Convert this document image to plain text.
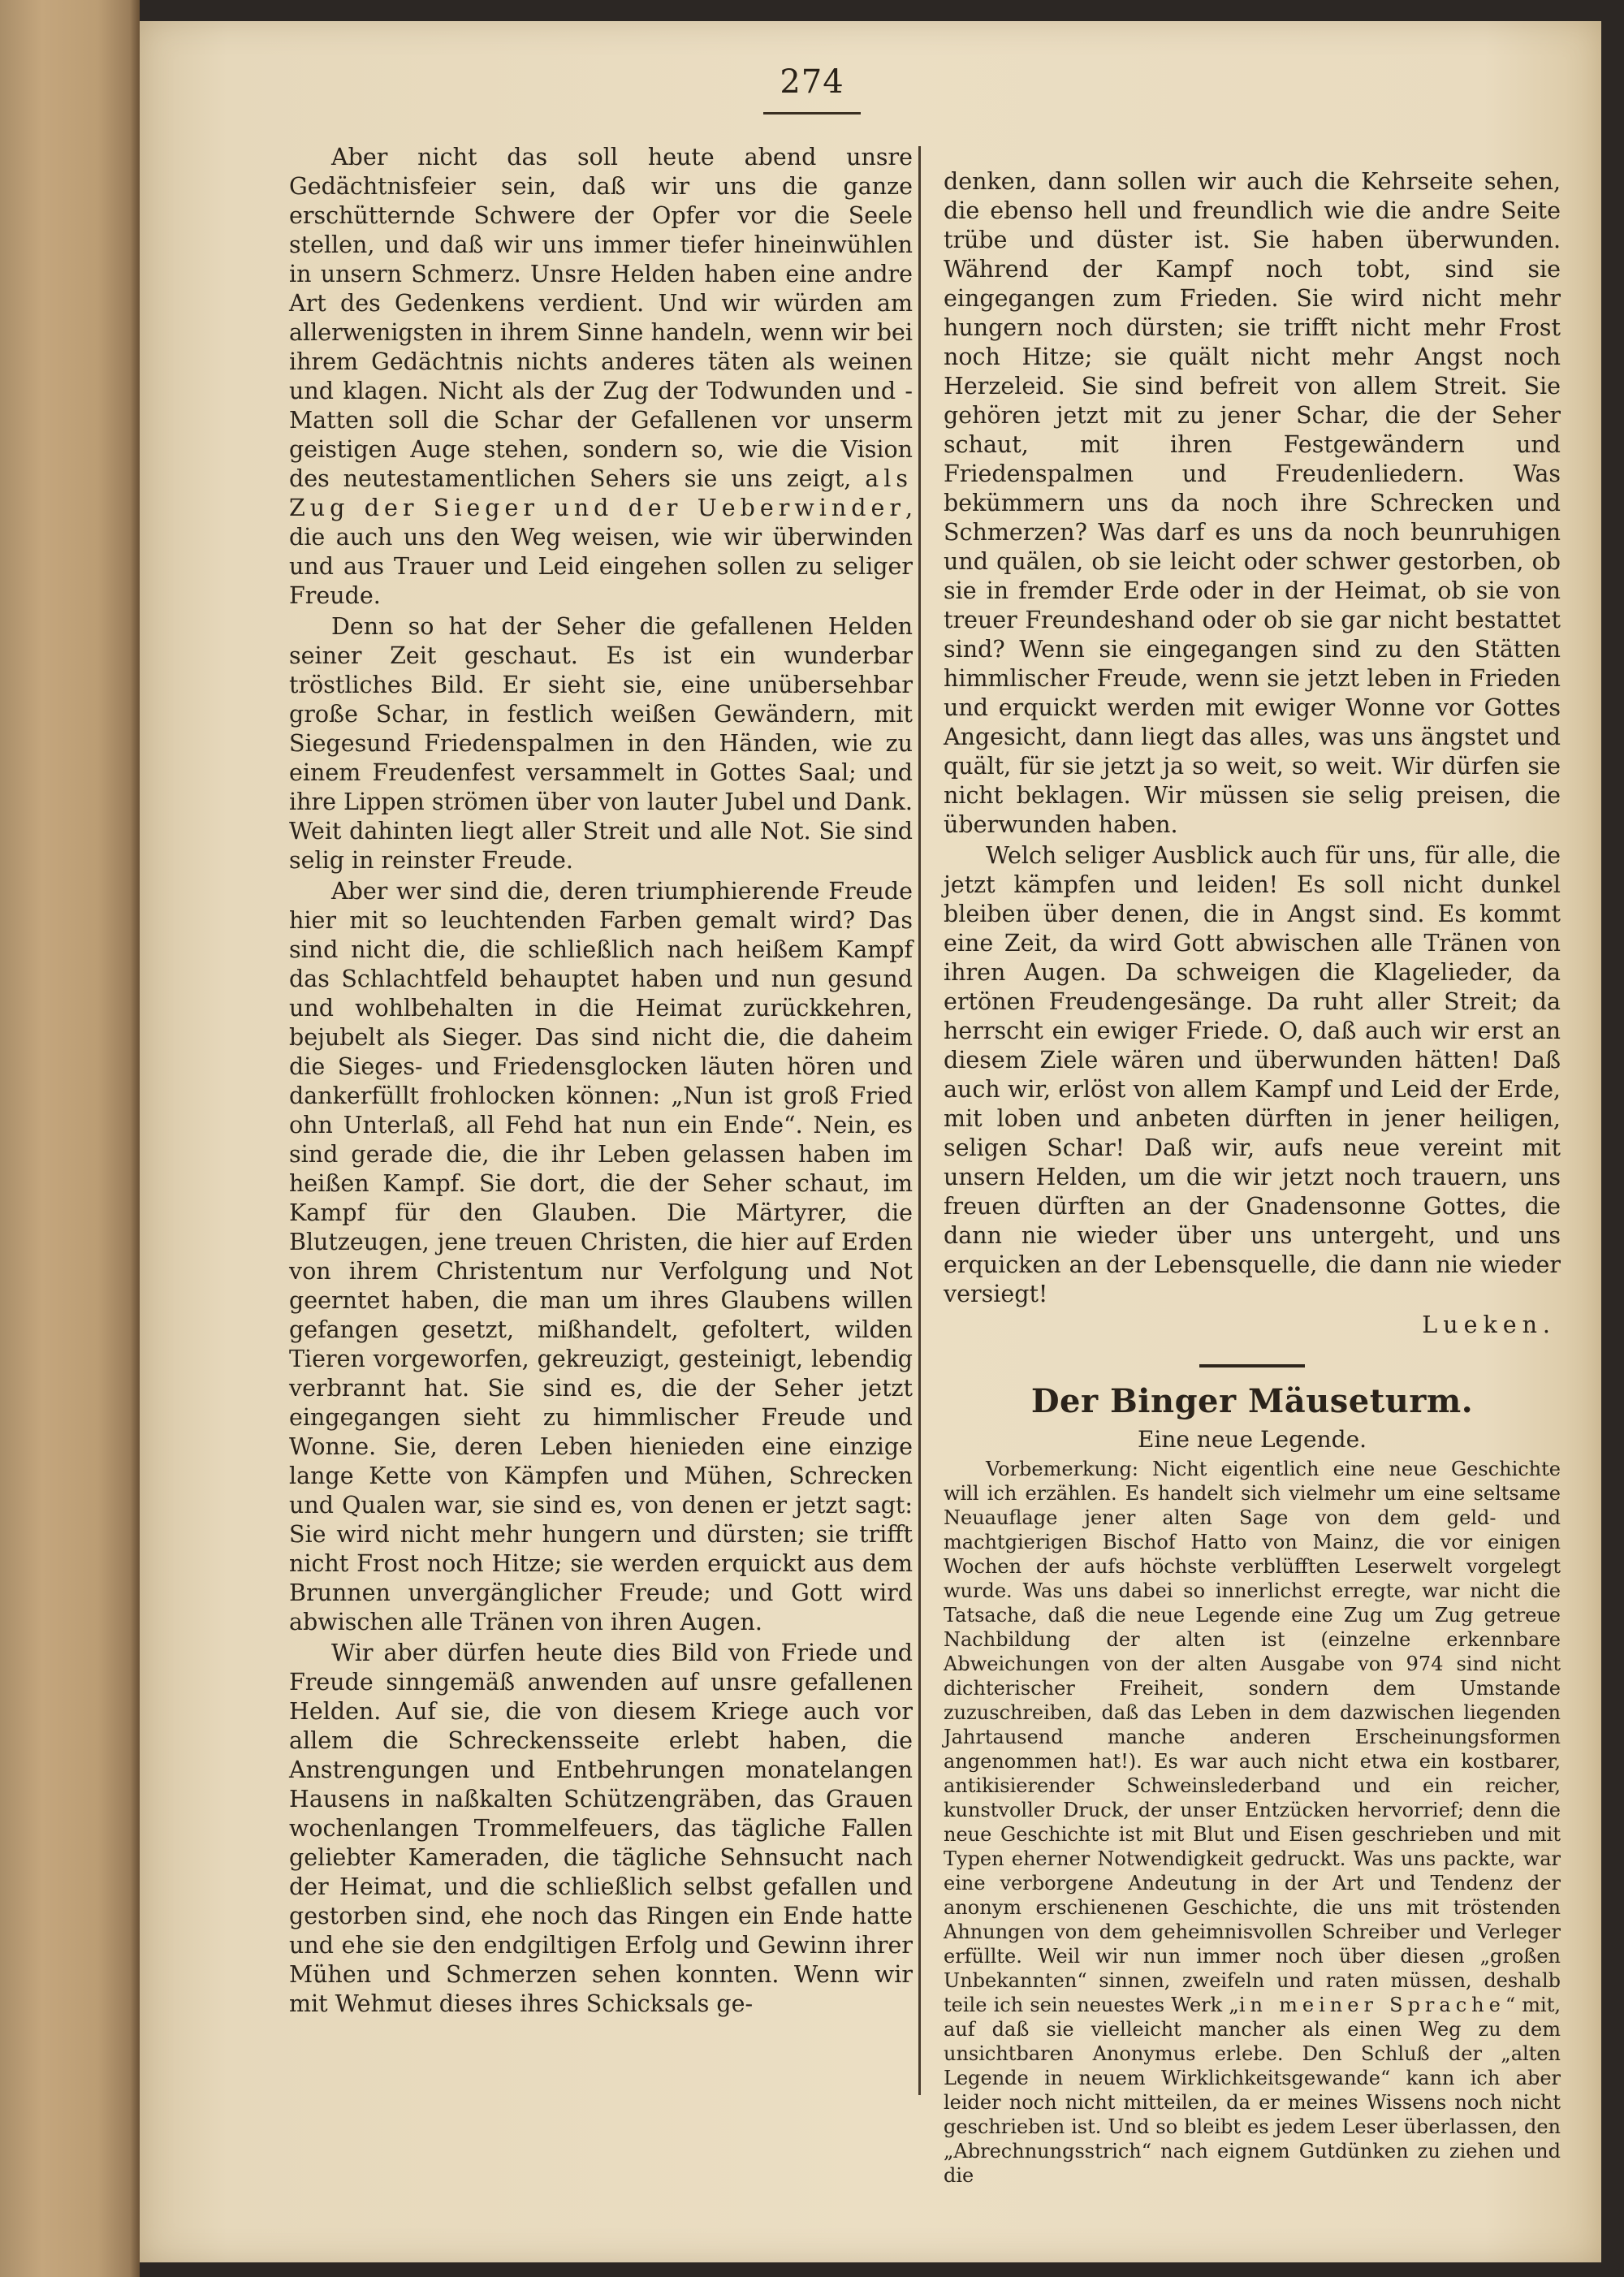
274

Aber nicht das soll heute abend unsre Gedächtnisfeier sein, daß wir uns die ganze erschütternde Schwere der Opfer vor die Seele stellen, und daß wir uns immer tiefer hineinwühlen in unsern Schmerz. Unsre Helden haben eine andre Art des Gedenkens verdient. Und wir würden am allerwenigsten in ihrem Sinne handeln, wenn wir bei ihrem Gedächtnis nichts anderes täten als weinen und klagen. Nicht als der Zug der Todwunden und -Matten soll die Schar der Gefallenen vor unserm geistigen Auge stehen, sondern so, wie die Vision des neutestamentlichen Sehers sie uns zeigt, als Zug der Sieger und der Ueberwinder, die auch uns den Weg weisen, wie wir überwinden und aus Trauer und Leid eingehen sollen zu seliger Freude.

Denn so hat der Seher die gefallenen Helden seiner Zeit geschaut. Es ist ein wunderbar tröstliches Bild. Er sieht sie, eine unübersehbar große Schar, in festlich weißen Gewändern, mit Siegesund Friedenspalmen in den Händen, wie zu einem Freudenfest versammelt in Gottes Saal; und ihre Lippen strömen über von lauter Jubel und Dank. Weit dahinten liegt aller Streit und alle Not. Sie sind selig in reinster Freude.

Aber wer sind die, deren triumphierende Freude hier mit so leuchtenden Farben gemalt wird? Das sind nicht die, die schließlich nach heißem Kampf das Schlachtfeld behauptet haben und nun gesund und wohlbehalten in die Heimat zurückkehren, bejubelt als Sieger. Das sind nicht die, die daheim die Sieges- und Friedensglocken läuten hören und dankerfüllt frohlocken können: „Nun ist groß Fried ohn Unterlaß, all Fehd hat nun ein Ende“. Nein, es sind gerade die, die ihr Leben gelassen haben im heißen Kampf. Sie dort, die der Seher schaut, im Kampf für den Glauben. Die Märtyrer, die Blutzeugen, jene treuen Christen, die hier auf Erden von ihrem Christentum nur Verfolgung und Not geerntet haben, die man um ihres Glaubens willen gefangen gesetzt, mißhandelt, gefoltert, wilden Tieren vorgeworfen, gekreuzigt, gesteinigt, lebendig verbrannt hat. Sie sind es, die der Seher jetzt eingegangen sieht zu himmlischer Freude und Wonne. Sie, deren Leben hienieden eine einzige lange Kette von Kämpfen und Mühen, Schrecken und Qualen war, sie sind es, von denen er jetzt sagt: Sie wird nicht mehr hungern und dürsten; sie trifft nicht Frost noch Hitze; sie werden erquickt aus dem Brunnen unvergänglicher Freude; und Gott wird abwischen alle Tränen von ihren Augen.

Wir aber dürfen heute dies Bild von Friede und Freude sinngemäß anwenden auf unsre gefallenen Helden. Auf sie, die von diesem Kriege auch vor allem die Schreckensseite erlebt haben, die Anstrengungen und Entbehrungen monatelangen Hausens in naßkalten Schützengräben, das Grauen wochenlangen Trommelfeuers, das tägliche Fallen geliebter Kameraden, die tägliche Sehnsucht nach der Heimat, und die schließlich selbst gefallen und gestorben sind, ehe noch das Ringen ein Ende hatte und ehe sie den endgiltigen Erfolg und Gewinn ihrer Mühen und Schmerzen sehen konnten. Wenn wir mit Wehmut dieses ihres Schicksals ge-

denken, dann sollen wir auch die Kehrseite sehen, die ebenso hell und freundlich wie die andre Seite trübe und düster ist. Sie haben überwunden. Während der Kampf noch tobt, sind sie eingegangen zum Frieden. Sie wird nicht mehr hungern noch dürsten; sie trifft nicht mehr Frost noch Hitze; sie quält nicht mehr Angst noch Herzeleid. Sie sind befreit von allem Streit. Sie gehören jetzt mit zu jener Schar, die der Seher schaut, mit ihren Festgewändern und Friedenspalmen und Freudenliedern. Was bekümmern uns da noch ihre Schrecken und Schmerzen? Was darf es uns da noch beunruhigen und quälen, ob sie leicht oder schwer gestorben, ob sie in fremder Erde oder in der Heimat, ob sie von treuer Freundeshand oder ob sie gar nicht bestattet sind? Wenn sie eingegangen sind zu den Stätten himmlischer Freude, wenn sie jetzt leben in Frieden und erquickt werden mit ewiger Wonne vor Gottes Angesicht, dann liegt das alles, was uns ängstet und quält, für sie jetzt ja so weit, so weit. Wir dürfen sie nicht beklagen. Wir müssen sie selig preisen, die überwunden haben.

Welch seliger Ausblick auch für uns, für alle, die jetzt kämpfen und leiden! Es soll nicht dunkel bleiben über denen, die in Angst sind. Es kommt eine Zeit, da wird Gott abwischen alle Tränen von ihren Augen. Da schweigen die Klagelieder, da ertönen Freudengesänge. Da ruht aller Streit; da herrscht ein ewiger Friede. O, daß auch wir erst an diesem Ziele wären und überwunden hätten! Daß auch wir, erlöst von allem Kampf und Leid der Erde, mit loben und anbeten dürften in jener heiligen, seligen Schar! Daß wir, aufs neue vereint mit unsern Helden, um die wir jetzt noch trauern, uns freuen dürften an der Gnadensonne Gottes, die dann nie wieder über uns untergeht, und uns erquicken an der Lebensquelle, die dann nie wieder versiegt!

Lueken.

Der Binger Mäuseturm.
Eine neue Legende.

Vorbemerkung: Nicht eigentlich eine neue Geschichte will ich erzählen. Es handelt sich vielmehr um eine seltsame Neuauflage jener alten Sage von dem geld- und machtgierigen Bischof Hatto von Mainz, die vor einigen Wochen der aufs höchste verblüfften Leserwelt vorgelegt wurde. Was uns dabei so innerlichst erregte, war nicht die Tatsache, daß die neue Legende eine Zug um Zug getreue Nachbildung der alten ist (einzelne erkennbare Abweichungen von der alten Ausgabe von 974 sind nicht dichterischer Freiheit, sondern dem Umstande zuzuschreiben, daß das Leben in dem dazwischen liegenden Jahrtausend manche anderen Erscheinungsformen angenommen hat!). Es war auch nicht etwa ein kostbarer, antikisierender Schweinslederband und ein reicher, kunstvoller Druck, der unser Entzücken hervorrief; denn die neue Geschichte ist mit Blut und Eisen geschrieben und mit Typen eherner Notwendigkeit gedruckt. Was uns packte, war eine verborgene Andeutung in der Art und Tendenz der anonym erschienenen Geschichte, die uns mit tröstenden Ahnungen von dem geheimnisvollen Schreiber und Verleger erfüllte. Weil wir nun immer noch über diesen „großen Unbekannten“ sinnen, zweifeln und raten müssen, deshalb teile ich sein neuestes Werk „in meiner Sprache“ mit, auf daß sie vielleicht mancher als einen Weg zu dem unsichtbaren Anonymus erlebe. Den Schluß der „alten Legende in neuem Wirklichkeitsgewande“ kann ich aber leider noch nicht mitteilen, da er meines Wissens noch nicht geschrieben ist. Und so bleibt es jedem Leser überlassen, den „Abrechnungsstrich“ nach eignem Gutdünken zu ziehen und die
